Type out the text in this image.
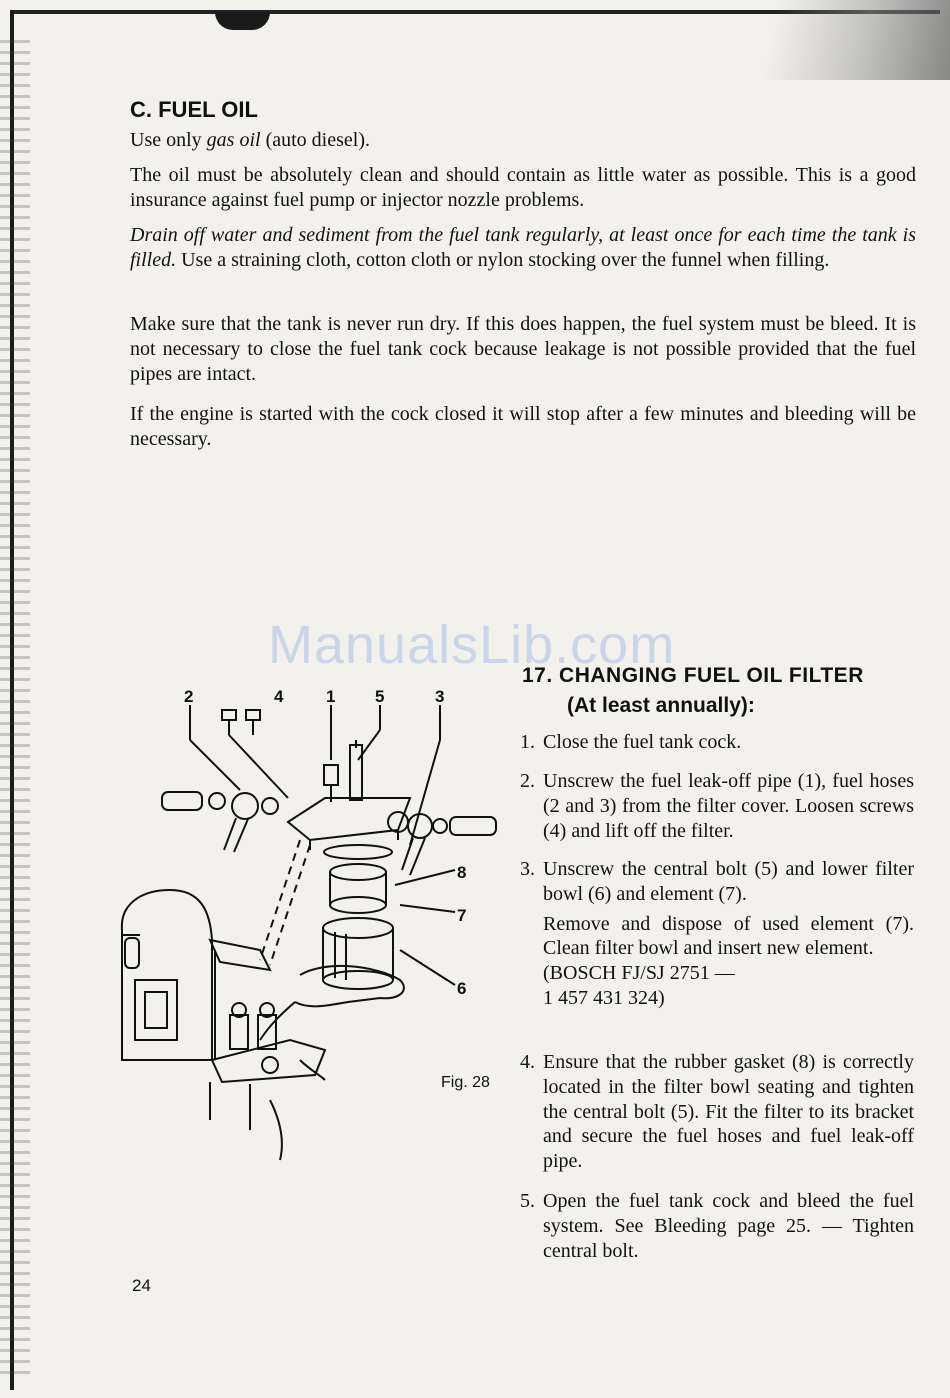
C. FUEL OIL

Use only gas oil (auto diesel).

The oil must be absolutely clean and should contain as little water as possible. This is a good insurance against fuel pump or injector nozzle problems.

Drain off water and sediment from the fuel tank regularly, at least once for each time the tank is filled. Use a straining cloth, cotton cloth or nylon stocking over the funnel when filling.

Make sure that the tank is never run dry. If this does happen, the fuel system must be bleed. It is not necessary to close the fuel tank cock because leakage is not possible provided that the fuel pipes are intact.

If the engine is started with the cock closed it will stop after a few minutes and bleeding will be necessary.

ManualsLib.com
17. CHANGING FUEL OIL FILTER
(At least annually):
1. Close the fuel tank cock.
2. Unscrew the fuel leak-off pipe (1), fuel hoses (2 and 3) from the filter cover. Loosen screws (4) and lift off the filter.
3. Unscrew the central bolt (5) and lower filter bowl (6) and element (7).
Remove and dispose of used element (7). Clean filter bowl and insert new element.
(BOSCH FJ/SJ 2751 —
1 457 431 324)
4. Ensure that the rubber gasket (8) is correctly located in the filter bowl seating and tighten the central bolt (5). Fit the filter to its bracket and secure the fuel hoses and fuel leak-off pipe.
5. Open the fuel tank cock and bleed the fuel system. See Bleeding page 25. — Tighten central bolt.
2	4	1 5	3
8
7
6
Fig. 28
24
